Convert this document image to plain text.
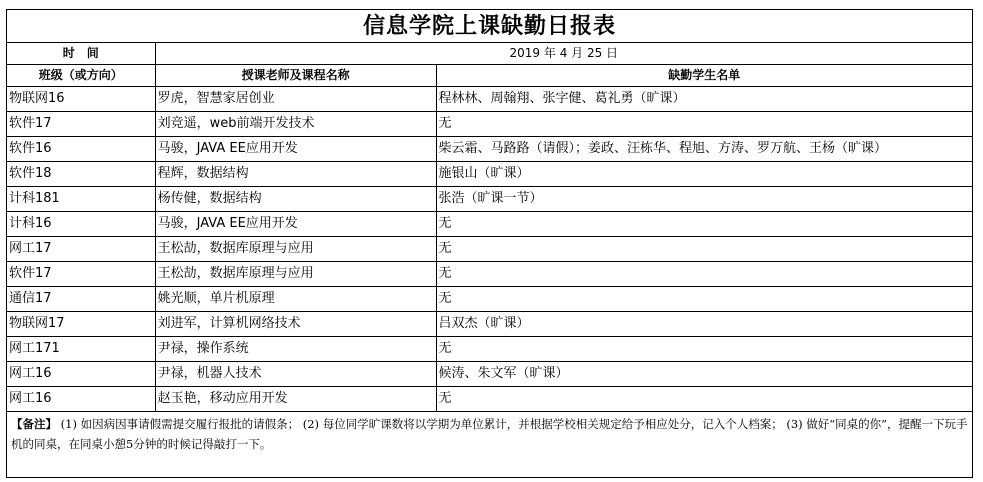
信息学院上课缺勤日报表		
时　间	2019 年 4 月 25 日	
班级（或方向）	授课老师及课程名称	缺勤学生名单
物联网16	罗虎，智慧家居创业	程林林、周翰翔、张字健、葛礼勇（旷课）
软件17	刘竞遥，web前端开发技术	无
软件16	马骏，JAVA EE应用开发	柴云霜、马路路（请假）；姜政、汪栋华、程旭、方涛、罗万航、王杨（旷课）
软件18	程辉，数据结构	施银山（旷课）
计科181	杨传健，数据结构	张浩（旷课一节）
计科16	马骏，JAVA EE应用开发	无
网工17	王松劼，数据库原理与应用	无
软件17	王松劼，数据库原理与应用	无
通信17	姚光顺，单片机原理	无
物联网17	刘进军，计算机网络技术	吕双杰（旷课）
网工171	尹禄，操作系统	无
网工16	尹禄，机器人技术	候涛、朱文军（旷课）
网工16	赵玉艳，移动应用开发	无
【备注】 (1) 如因病因事请假需提交履行报批的请假条； (2) 每位同学旷课数将以学期为单位累计，并根据学校相关规定给予相应处分，记入个人档案； (3) 做好“同桌的你”，提醒一下玩手机的同桌，在同桌小憩5分钟的时候记得敲打一下。		
